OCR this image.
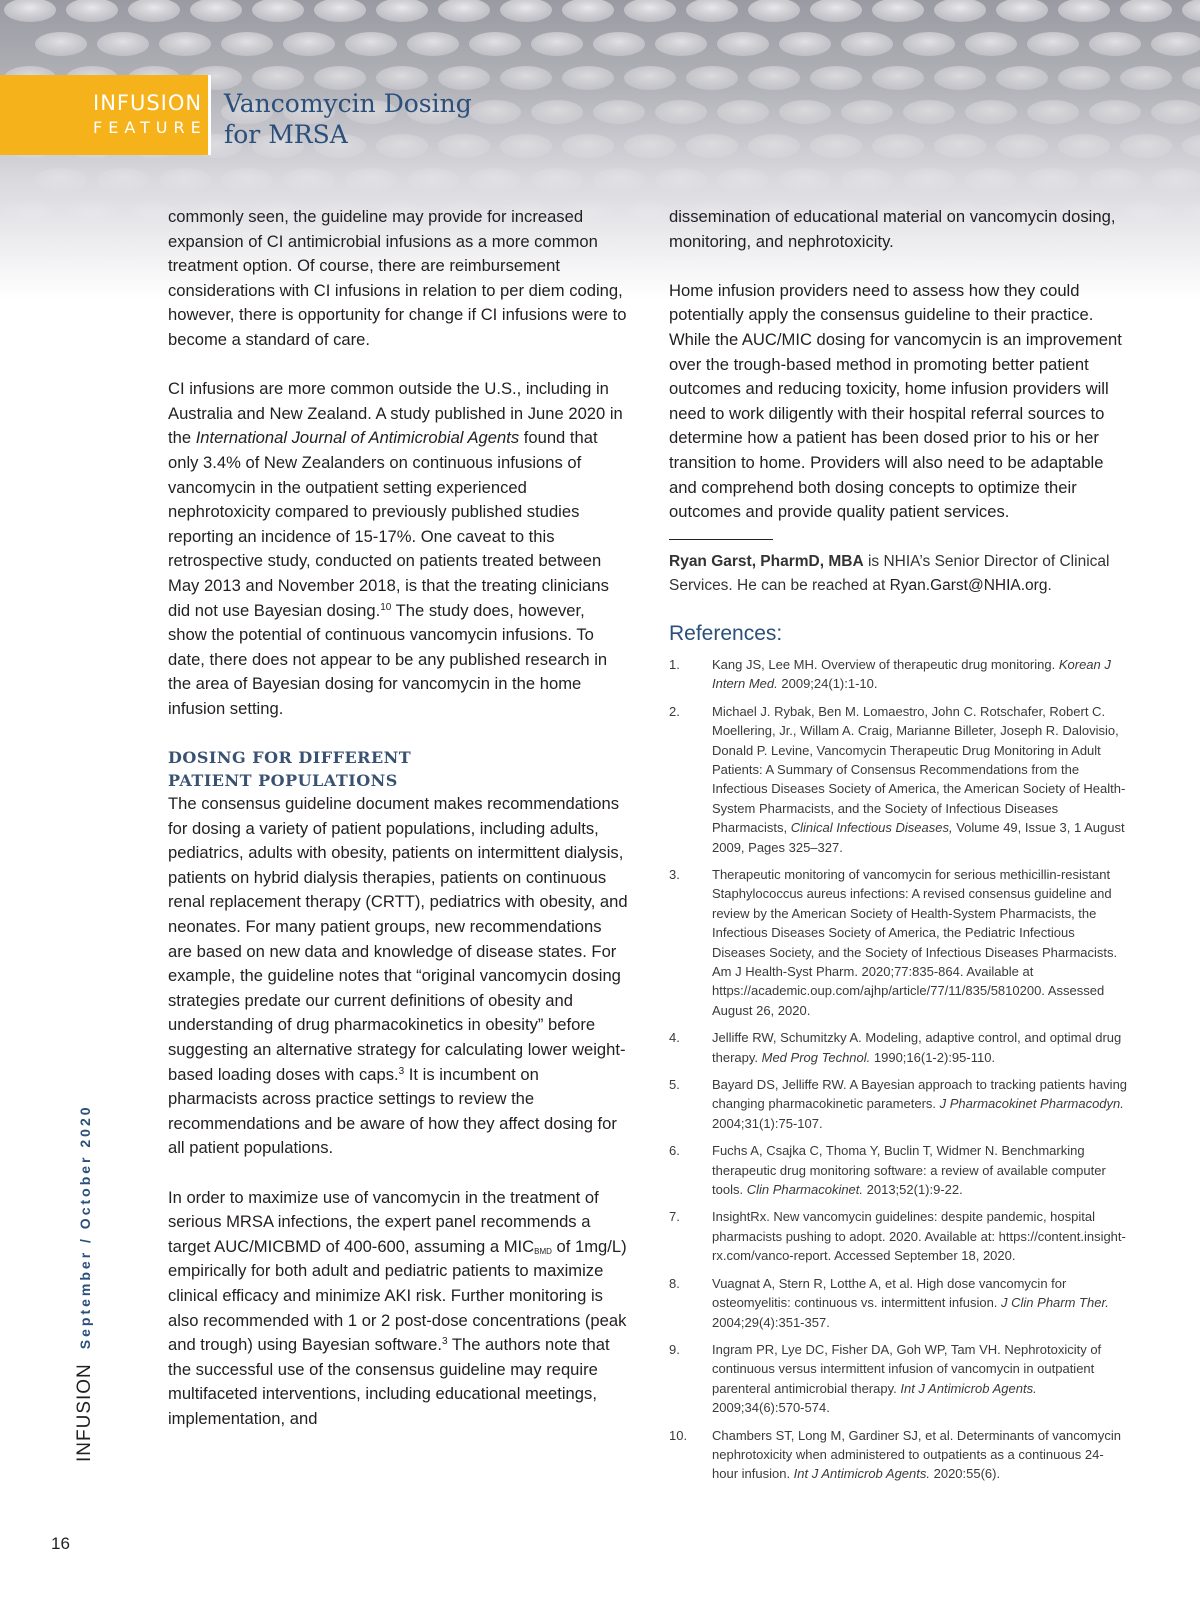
INFUSION
FEATURE
Vancomycin Dosing
for MRSA

commonly seen, the guideline may provide for increased expansion of CI antimicrobial infusions as a more common treatment option. Of course, there are reimbursement considerations with CI infusions in relation to per diem coding, however, there is opportunity for change if CI infusions were to become a standard of care.

CI infusions are more common outside the U.S., including in Australia and New Zealand. A study published in June 2020 in the International Journal of Antimicrobial Agents found that only 3.4% of New Zealanders on continuous infusions of vancomycin in the outpatient setting experienced nephrotoxicity compared to previously published studies reporting an incidence of 15-17%. One caveat to this retrospective study, conducted on patients treated between May 2013 and November 2018, is that the treating clinicians did not use Bayesian dosing.$^{10}$ The study does, however, show the potential of continuous vancomycin infusions. To date, there does not appear to be any published research in the area of Bayesian dosing for vancomycin in the home infusion setting.

DOSING FOR DIFFERENT
PATIENT POPULATIONS

The consensus guideline document makes recommendations for dosing a variety of patient populations, including adults, pediatrics, adults with obesity, patients on intermittent dialysis, patients on hybrid dialysis therapies, patients on continuous renal replacement therapy (CRTT), pediatrics with obesity, and neonates. For many patient groups, new recommendations are based on new data and knowledge of disease states. For example, the guideline notes that “original vancomycin dosing strategies predate our current definitions of obesity and understanding of drug pharmacokinetics in obesity” before suggesting an alternative strategy for calculating lower weight-based loading doses with caps.$^3$ It is incumbent on pharmacists across practice settings to review the recommendations and be aware of how they affect dosing for all patient populations.

In order to maximize use of vancomycin in the treatment of serious MRSA infections, the expert panel recommends a target AUC/MICBMD of 400-600, assuming a $MIC_{BMD}$ of 1mg/L) empirically for both adult and pediatric patients to maximize clinical efficacy and minimize AKI risk. Further monitoring is also recommended with 1 or 2 post-dose concentrations (peak and trough) using Bayesian software.$^3$ The authors note that the successful use of the consensus guideline may require multifaceted interventions, including educational meetings, implementation, and

dissemination of educational material on vancomycin dosing, monitoring, and nephrotoxicity.

Home infusion providers need to assess how they could potentially apply the consensus guideline to their practice. While the AUC/MIC dosing for vancomycin is an improvement over the trough-based method in promoting better patient outcomes and reducing toxicity, home infusion providers will need to work diligently with their hospital referral sources to determine how a patient has been dosed prior to his or her transition to home. Providers will also need to be adaptable and comprehend both dosing concepts to optimize their outcomes and provide quality patient services.

Ryan Garst, PharmD, MBA is NHIA’s Senior Director of Clinical Services. He can be reached at Ryan.Garst@NHIA.org.

References:
1. Kang JS, Lee MH. Overview of therapeutic drug monitoring. Korean J Intern Med. 2009;24(1):1-10.
2. Michael J. Rybak, Ben M. Lomaestro, John C. Rotschafer, Robert C. Moellering, Jr., Willam A. Craig, Marianne Billeter, Joseph R. Dalovisio, Donald P. Levine, Vancomycin Therapeutic Drug Monitoring in Adult Patients: A Summary of Consensus Recommendations from the Infectious Diseases Society of America, the American Society of Health-System Pharmacists, and the Society of Infectious Diseases Pharmacists, Clinical Infectious Diseases, Volume 49, Issue 3, 1 August 2009, Pages 325–327.
3. Therapeutic monitoring of vancomycin for serious methicillin-resistant Staphylococcus aureus infections: A revised consensus guideline and review by the American Society of Health-System Pharmacists, the Infectious Diseases Society of America, the Pediatric Infectious Diseases Society, and the Society of Infectious Diseases Pharmacists. Am J Health-Syst Pharm. 2020;77:835-864. Available at https://academic.oup.com/ajhp/article/77/11/835/5810200. Assessed August 26, 2020.
4. Jelliffe RW, Schumitzky A. Modeling, adaptive control, and optimal drug therapy. Med Prog Technol. 1990;16(1-2):95-110.
5. Bayard DS, Jelliffe RW. A Bayesian approach to tracking patients having changing pharmacokinetic parameters. J Pharmacokinet Pharmacodyn. 2004;31(1):75-107.
6. Fuchs A, Csajka C, Thoma Y, Buclin T, Widmer N. Benchmarking therapeutic drug monitoring software: a review of available computer tools. Clin Pharmacokinet. 2013;52(1):9-22.
7. InsightRx. New vancomycin guidelines: despite pandemic, hospital pharmacists pushing to adopt. 2020. Available at: https://content.insight-rx.com/vanco-report. Accessed September 18, 2020.
8. Vuagnat A, Stern R, Lotthe A, et al. High dose vancomycin for osteomyelitis: continuous vs. intermittent infusion. J Clin Pharm Ther. 2004;29(4):351-357.
9. Ingram PR, Lye DC, Fisher DA, Goh WP, Tam VH. Nephrotoxicity of continuous versus intermittent infusion of vancomycin in outpatient parenteral antimicrobial therapy. Int J Antimicrob Agents. 2009;34(6):570-574.
10. Chambers ST, Long M, Gardiner SJ, et al. Determinants of vancomycin nephrotoxicity when administered to outpatients as a continuous 24-hour infusion. Int J Antimicrob Agents. 2020:55(6).
INFUSIONSeptember / October 2020
16
